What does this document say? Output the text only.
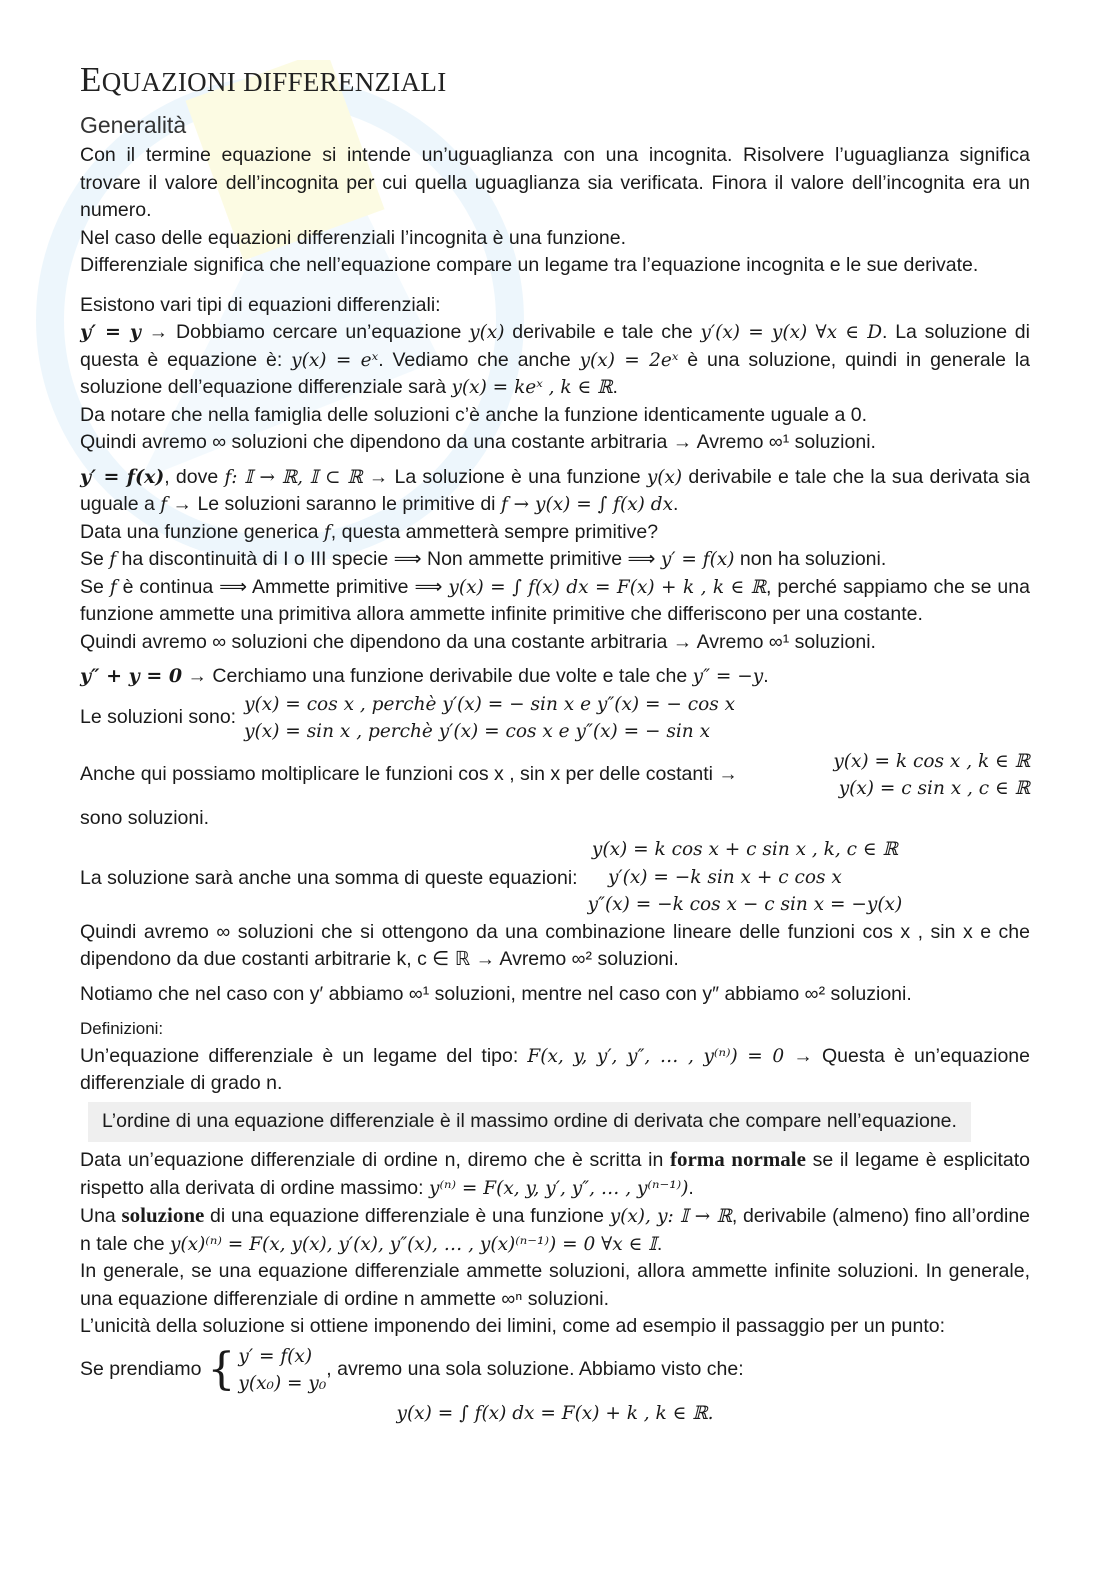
EQUAZIONI DIFFERENZIALI
Generalità

Con il termine equazione si intende un’uguaglianza con una incognita. Risolvere l’uguaglianza significa trovare il valore dell’incognita per cui quella uguaglianza sia verificata. Finora il valore dell’incognita era un numero.

Nel caso delle equazioni differenziali l’incognita è una funzione.

Differenziale significa che nell’equazione compare un legame tra l’equazione incognita e le sue derivate.

Esistono vari tipi di equazioni differenziali:

y′ = y → Dobbiamo cercare un’equazione y(x) derivabile e tale che y′(x) = y(x) ∀x ∈ D. La soluzione di questa è equazione è: y(x) = eˣ. Vediamo che anche y(x) = 2eˣ è una soluzione, quindi in generale la soluzione dell’equazione differenziale sarà y(x) = keˣ , k ∈ ℝ.

Da notare che nella famiglia delle soluzioni c’è anche la funzione identicamente uguale a 0.

Quindi avremo ∞ soluzioni che dipendono da una costante arbitraria → Avremo ∞¹ soluzioni.

y′ = f(x), dove f: 𝕀 → ℝ, 𝕀 ⊂ ℝ → La soluzione è una funzione y(x) derivabile e tale che la sua derivata sia uguale a f → Le soluzioni saranno le primitive di f → y(x) = ∫ f(x) dx.

Data una funzione generica f, questa ammetterà sempre primitive?

Se f ha discontinuità di I o III specie ⟹ Non ammette primitive ⟹ y′ = f(x) non ha soluzioni.

Se f è continua ⟹ Ammette primitive ⟹ y(x) = ∫ f(x) dx = F(x) + k , k ∈ ℝ, perché sappiamo che se una funzione ammette una primitiva allora ammette infinite primitive che differiscono per una costante.

Quindi avremo ∞ soluzioni che dipendono da una costante arbitraria → Avremo ∞¹ soluzioni.

y″ + y = 0 → Cerchiamo una funzione derivabile due volte e tale che y″ = −y.

Le soluzioni sono:
y(x) = cos x , perchè y′(x) = − sin x e y″(x) = − cos x
y(x) = sin x , perchè y′(x) = cos x e y″(x) = − sin x
Anche qui possiamo moltiplicare le funzioni cos x , sin x per delle costanti →
y(x) = k cos x , k ∈ ℝ
y(x) = c sin x , c ∈ ℝ

sono soluzioni.

La soluzione sarà anche una somma di queste equazioni:
y(x) = k cos x + c sin x , k, c ∈ ℝ
y′(x) = −k sin x + c cos x
y″(x) = −k cos x − c sin x = −y(x)

Quindi avremo ∞ soluzioni che si ottengono da una combinazione lineare delle funzioni cos x , sin x e che dipendono da due costanti arbitrarie k, c ∈ ℝ → Avremo ∞² soluzioni.

Notiamo che nel caso con y′ abbiamo ∞¹ soluzioni, mentre nel caso con y″ abbiamo ∞² soluzioni.

Definizioni:

Un’equazione differenziale è un legame del tipo: F(x, y, y′, y″, … , y⁽ⁿ⁾) = 0 → Questa è un’equazione differenziale di grado n.

L’ordine di una equazione differenziale è il massimo ordine di derivata che compare nell’equazione.

Data un’equazione differenziale di ordine n, diremo che è scritta in forma normale se il legame è esplicitato rispetto alla derivata di ordine massimo: y⁽ⁿ⁾ = F(x, y, y′, y″, … , y⁽ⁿ⁻¹⁾).

Una soluzione di una equazione differenziale è una funzione y(x), y: 𝕀 → ℝ, derivabile (almeno) fino all’ordine n tale che y(x)⁽ⁿ⁾ = F(x, y(x), y′(x), y″(x), … , y(x)⁽ⁿ⁻¹⁾) = 0 ∀x ∈ 𝕀.

In generale, se una equazione differenziale ammette soluzioni, allora ammette infinite soluzioni. In generale, una equazione differenziale di ordine n ammette ∞ⁿ soluzioni.

L’unicità della soluzione si ottiene imponendo dei limini, come ad esempio il passaggio per un punto:

Se prendiamo { y′ = f(x)
y(x₀) = y₀
, avremo una sola soluzione. Abbiamo visto che:

y(x) = ∫ f(x) dx = F(x) + k , k ∈ ℝ.
